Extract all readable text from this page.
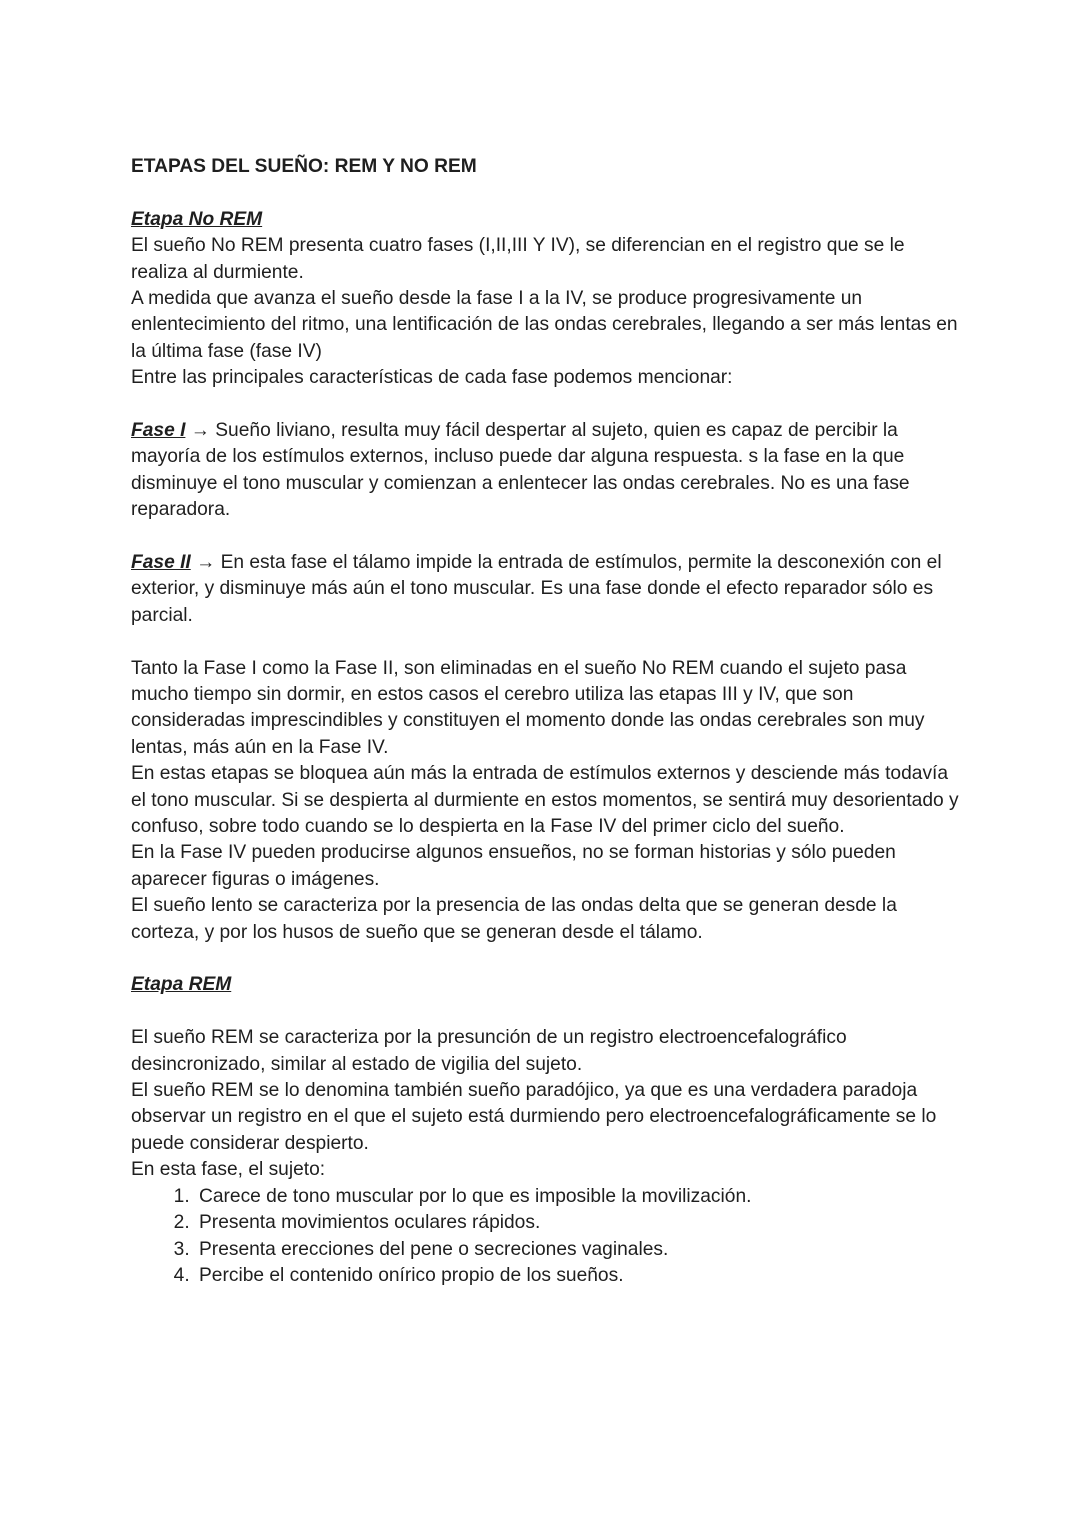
ETAPAS DEL SUEÑO: REM Y NO REM
Etapa No REM

El sueño No REM presenta cuatro fases (I,II,III Y IV), se diferencian en el registro que se le realiza al durmiente.

A medida que avanza el sueño desde la fase I a la IV, se produce progresivamente un enlentecimiento del ritmo, una lentificación de las ondas cerebrales, llegando a ser más lentas en la última fase (fase IV)

Entre las principales características de cada fase podemos mencionar:

Fase I → Sueño liviano, resulta muy fácil despertar al sujeto, quien es capaz de percibir la mayoría de los estímulos externos, incluso puede dar alguna respuesta. s la fase en la que disminuye el tono muscular y comienzan a enlentecer las ondas cerebrales. No es una fase reparadora.

Fase II → En esta fase el tálamo impide la entrada de estímulos, permite la desconexión con el exterior, y disminuye más aún el tono muscular. Es una fase donde el efecto reparador sólo es parcial.

Tanto la Fase I como la Fase II, son eliminadas en el sueño No REM cuando el sujeto pasa mucho tiempo sin dormir, en estos casos el cerebro utiliza las etapas III y IV, que son consideradas imprescindibles y constituyen el momento donde las ondas cerebrales son muy lentas, más aún en la Fase IV.

En estas etapas se bloquea aún más la entrada de estímulos externos y desciende más todavía el tono muscular. Si se despierta al durmiente en estos momentos, se sentirá muy desorientado y confuso, sobre todo cuando se lo despierta en la Fase IV del primer ciclo del sueño.

En la Fase IV pueden producirse algunos ensueños, no se forman historias y sólo pueden aparecer figuras o imágenes.

El sueño lento se caracteriza por la presencia de las ondas delta que se generan desde la corteza, y por los husos de sueño que se generan desde el tálamo.

Etapa REM

El sueño REM se caracteriza por la presunción de un registro electroencefalográfico desincronizado, similar al estado de vigilia del sujeto.

El sueño REM se lo denomina también sueño paradójico, ya que es una verdadera paradoja observar un registro en el que el sujeto está durmiendo pero electroencefalográficamente se lo puede considerar despierto.

En esta fase, el sujeto:

1. Carece de tono muscular por lo que es imposible la movilización.
2. Presenta movimientos oculares rápidos.
3. Presenta erecciones del pene o secreciones vaginales.
4. Percibe el contenido onírico propio de los sueños.
